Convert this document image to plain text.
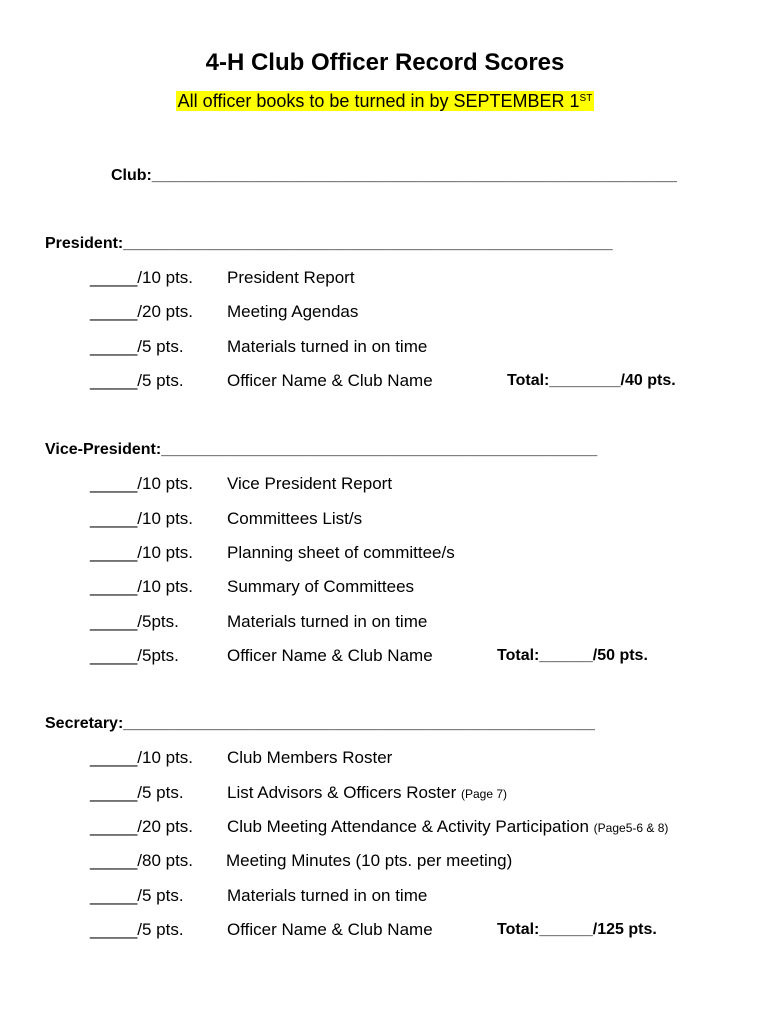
4-H Club Officer Record Scores
All officer books to be turned in by SEPTEMBER 1ST
Club:___________________________________________________________
President:_______________________________________________________
_____/10 pts. President Report
_____/20 pts. Meeting Agendas
_____/5 pts.	Materials turned in on time
_____/5 pts.	Officer Name & Club Name	Total:________/40 pts.
Vice-President:_________________________________________________
_____/10 pts. Vice President Report
_____/10 pts. Committees List/s
_____/10 pts. Planning sheet of committee/s
_____/10 pts. Summary of Committees
_____/5pts.	Materials turned in on time
_____/5pts.	Officer Name & Club Name	Total:______/50 pts.
Secretary:_____________________________________________________
_____/10 pts. Club Members Roster
_____/5 pts.	List Advisors & Officers Roster (Page 7)
_____/20 pts. Club Meeting Attendance & Activity Participation (Page5-6 & 8)
_____/80 pts. Meeting Minutes (10 pts. per meeting)
_____/5 pts.	Materials turned in on time
_____/5 pts.	Officer Name & Club Name	Total:______/125 pts.
